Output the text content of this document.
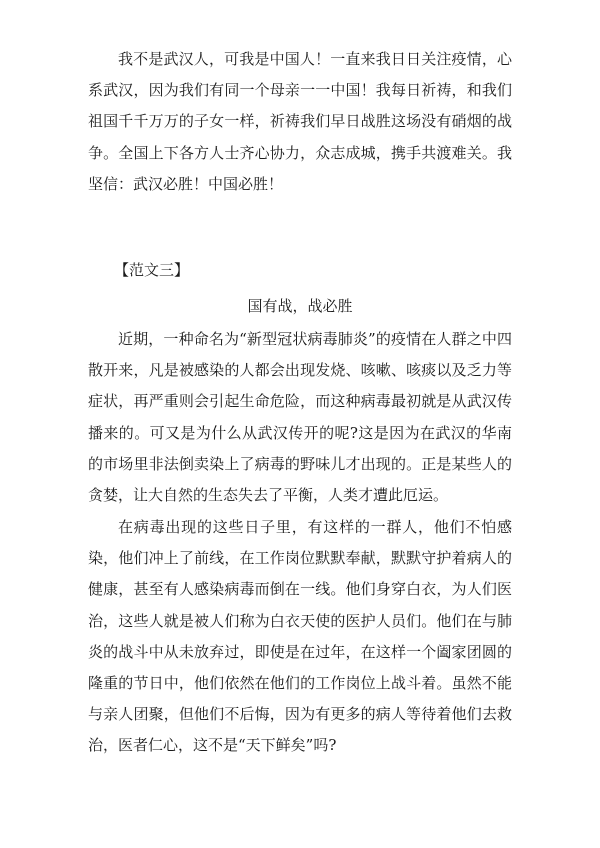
我不是武汉人，可我是中国人！一直来我日日关注疫情，心系武汉，因为我们有同一个母亲一一中国！我每日祈祷，和我们祖国千千万万的子女一样，祈祷我们早日战胜这场没有硝烟的战争。全国上下各方人士齐心协力，众志成城，携手共渡难关。我坚信：武汉必胜！中国必胜！

【范文三】

国有战，战必胜

近期，一种命名为“新型冠状病毒肺炎”的疫情在人群之中四散开来，凡是被感染的人都会出现发烧、咳嗽、咳痰以及乏力等症状，再严重则会引起生命危险，而这种病毒最初就是从武汉传播来的。可又是为什么从武汉传开的呢?这是因为在武汉的华南的市场里非法倒卖染上了病毒的野味儿才出现的。正是某些人的贪婪，让大自然的生态失去了平衡，人类才遭此厄运。

在病毒出现的这些日子里，有这样的一群人，他们不怕感染，他们冲上了前线，在工作岗位默默奉献，默默守护着病人的健康，甚至有人感染病毒而倒在一线。他们身穿白衣，为人们医治，这些人就是被人们称为白衣天使的医护人员们。他们在与肺炎的战斗中从未放弃过，即使是在过年，在这样一个阖家团圆的隆重的节日中，他们依然在他们的工作岗位上战斗着。虽然不能与亲人团聚，但他们不后悔，因为有更多的病人等待着他们去救治，医者仁心，这不是“天下鲜矣”吗?
